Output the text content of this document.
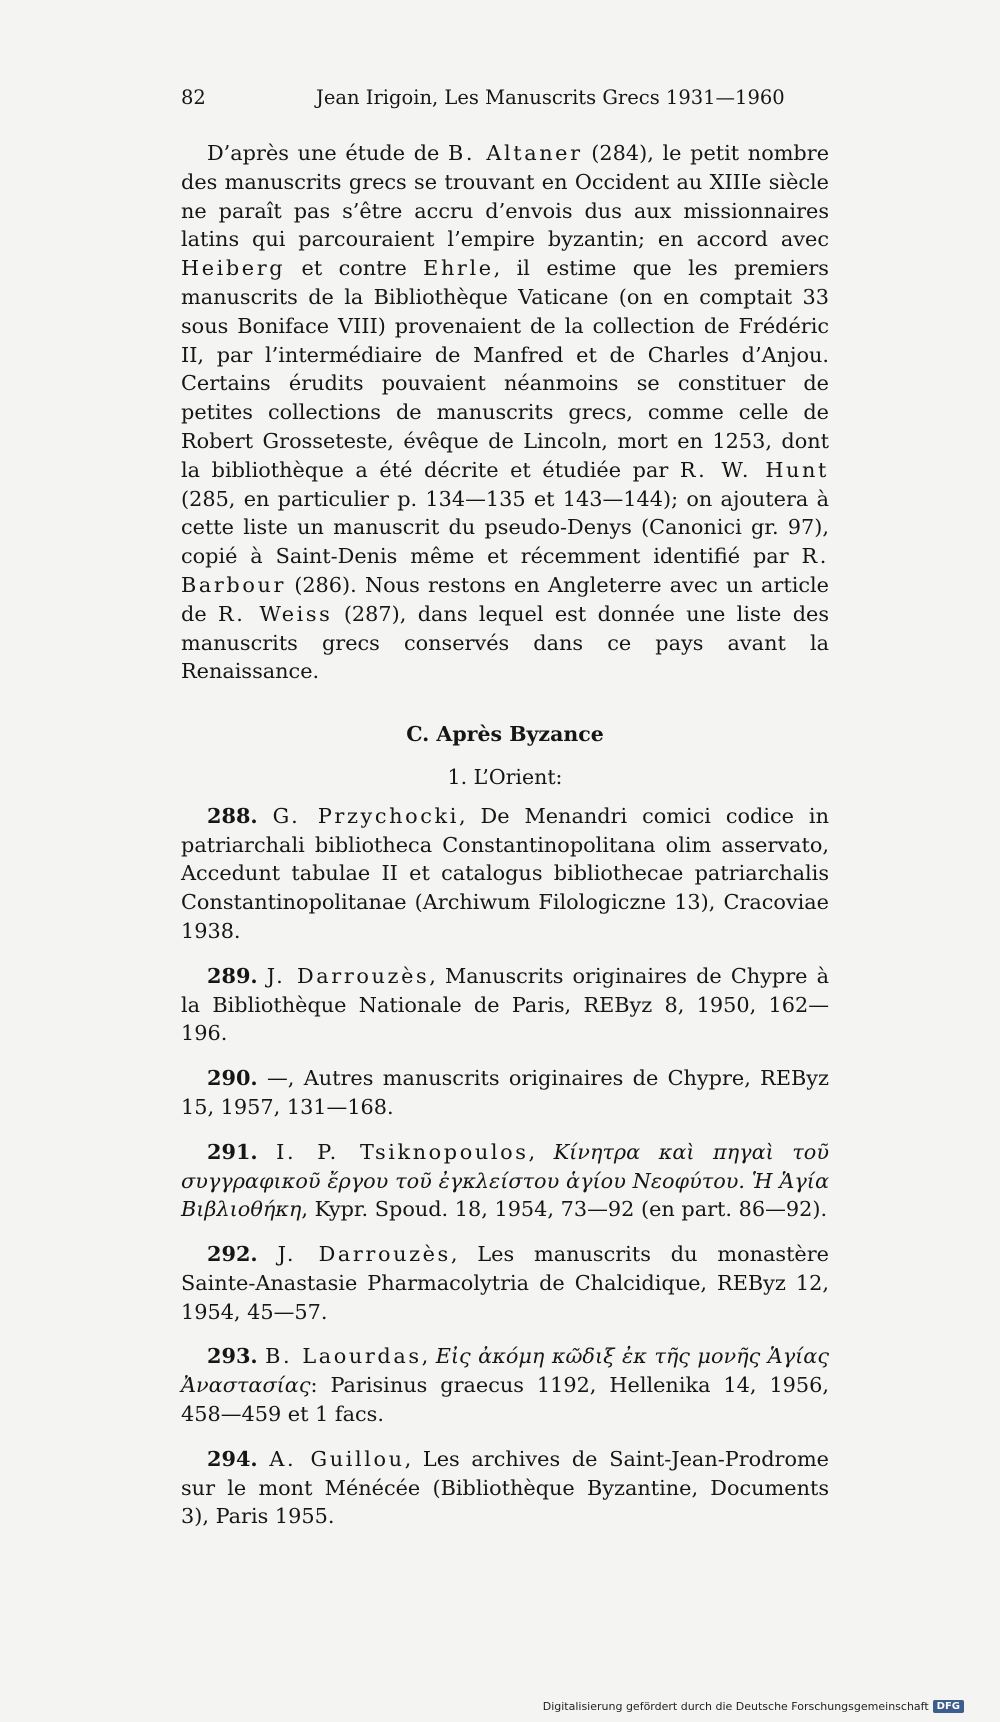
82	Jean Irigoin, Les Manuscrits Grecs 1931—1960

D’après une étude de B. Altaner (284), le petit nombre des manuscrits grecs se trouvant en Occident au XIIIe siècle ne paraît pas s’être accru d’envois dus aux missionnaires latins qui parcouraient l’empire byzantin; en accord avec Heiberg et contre Ehrle, il estime que les premiers manuscrits de la Bibliothèque Vaticane (on en comptait 33 sous Boniface VIII) provenaient de la collection de Frédéric II, par l’intermédiaire de Manfred et de Charles d’Anjou. Certains érudits pouvaient néanmoins se constituer de petites collections de manuscrits grecs, comme celle de Robert Grosseteste, évêque de Lincoln, mort en 1253, dont la bibliothèque a été décrite et étudiée par R. W. Hunt (285, en particulier p. 134—135 et 143—144); on ajoutera à cette liste un manuscrit du pseudo-Denys (Canonici gr. 97), copié à Saint-Denis même et récemment identifié par R. Barbour (286). Nous restons en Angleterre avec un article de R. Weiss (287), dans lequel est donnée une liste des manuscrits grecs conservés dans ce pays avant la Renaissance.

C. Après Byzance
1. L’Orient:

288. G. Przychocki, De Menandri comici codice in patriarchali bibliotheca Constantinopolitana olim asservato, Accedunt tabulae II et catalogus bibliothecae patriarchalis Constantinopolitanae (Archiwum Filologiczne 13), Cracoviae 1938.

289. J. Darrouzès, Manuscrits originaires de Chypre à la Bibliothèque Nationale de Paris, REByz 8, 1950, 162—196.

290. —, Autres manuscrits originaires de Chypre, REByz 15, 1957, 131—168.

291. I. P. Tsiknopoulos, Κίνητρα καὶ πηγαὶ τοῦ συγγραφικοῦ ἔργου τοῦ ἐγκλείστου ἁγίου Νεοφύτου. Ἡ Ἁγία Βιβλιοθήκη, Kypr. Spoud. 18, 1954, 73—92 (en part. 86—92).

292. J. Darrouzès, Les manuscrits du monastère Sainte-Anastasie Pharmacolytria de Chalcidique, REByz 12, 1954, 45—57.

293. B. Laourdas, Εἰς ἀκόμη κῶδιξ ἐκ τῆς μονῆς Ἁγίας Ἀναστασίας: Parisinus graecus 1192, Hellenika 14, 1956, 458—459 et 1 facs.

294. A. Guillou, Les archives de Saint-Jean-Prodrome sur le mont Ménécée (Bibliothèque Byzantine, Documents 3), Paris 1955.

Digitalisierung gefördert durch die Deutsche Forschungsgemeinschaft DFG
